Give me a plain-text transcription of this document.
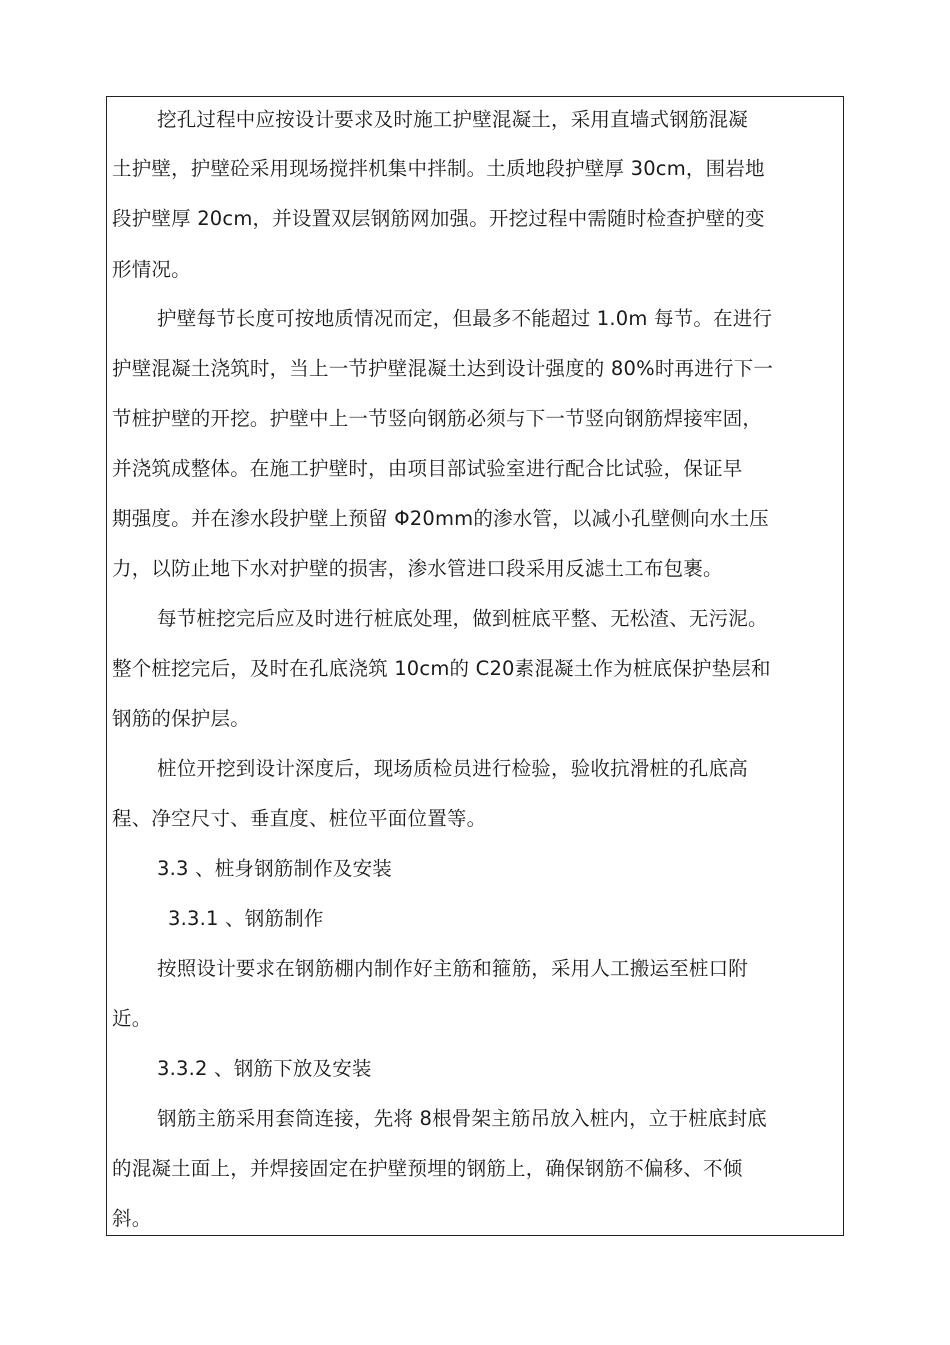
挖孔过程中应按设计要求及时施工护壁混凝土，采用直墙式钢筋混凝
土护壁，护壁砼采用现场搅拌机集中拌制。土质地段护壁厚 30cm，围岩地
段护壁厚 20cm，并设置双层钢筋网加强。开挖过程中需随时检查护壁的变
形情况。
护壁每节长度可按地质情况而定，但最多不能超过 1.0m 每节。在进行
护壁混凝土浇筑时，当上一节护壁混凝土达到设计强度的 80%时再进行下一
节桩护壁的开挖。护壁中上一节竖向钢筋必须与下一节竖向钢筋焊接牢固，
并浇筑成整体。在施工护壁时，由项目部试验室进行配合比试验，保证早
期强度。并在渗水段护壁上预留 Φ20mm的渗水管，以减小孔壁侧向水土压
力，以防止地下水对护壁的损害，渗水管进口段采用反滤土工布包裹。
每节桩挖完后应及时进行桩底处理，做到桩底平整、无松渣、无污泥。
整个桩挖完后，及时在孔底浇筑 10cm的 C20素混凝土作为桩底保护垫层和
钢筋的保护层。
桩位开挖到设计深度后，现场质检员进行检验，验收抗滑桩的孔底高
程、净空尺寸、垂直度、桩位平面位置等。
3.3 、桩身钢筋制作及安装
3.3.1 、钢筋制作
按照设计要求在钢筋棚内制作好主筋和箍筋，采用人工搬运至桩口附
近。
3.3.2 、钢筋下放及安装
钢筋主筋采用套筒连接，先将 8根骨架主筋吊放入桩内，立于桩底封底
的混凝土面上，并焊接固定在护壁预埋的钢筋上，确保钢筋不偏移、不倾
斜。
